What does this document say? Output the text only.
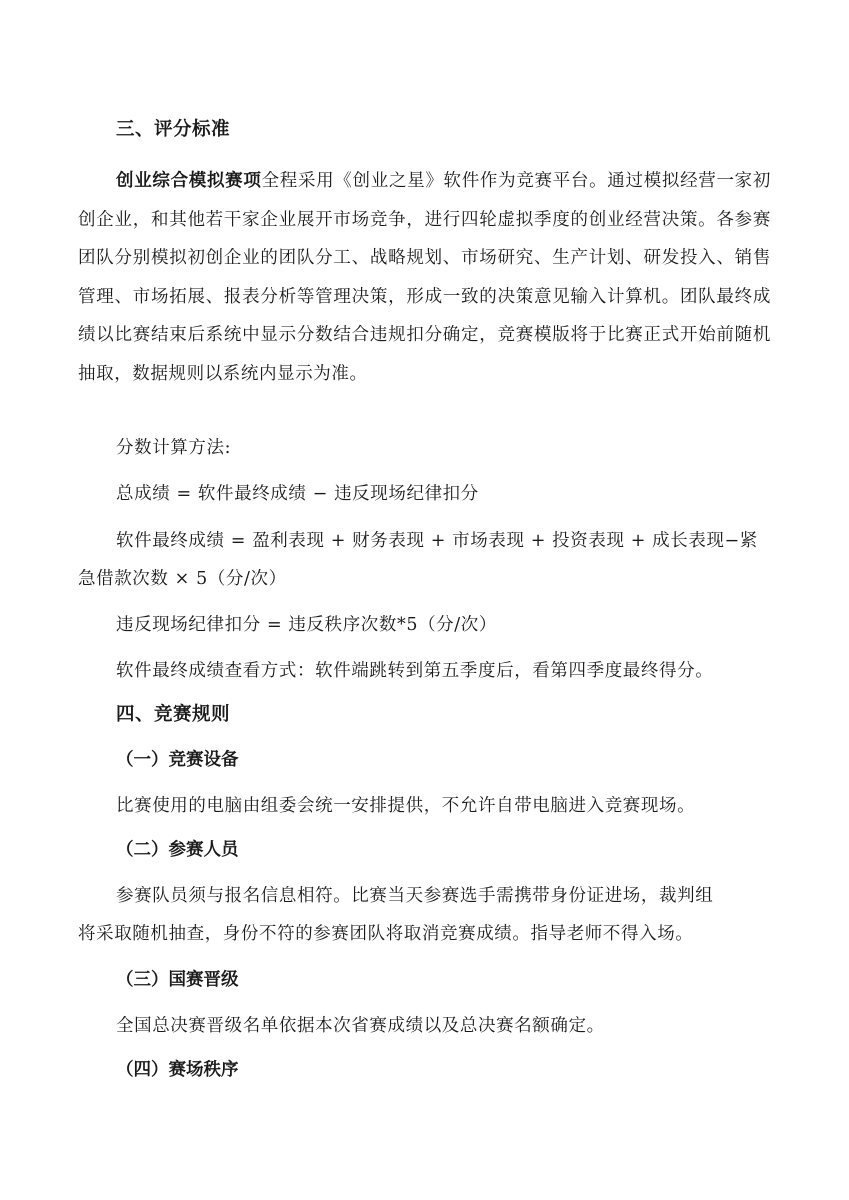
三、评分标准

创业综合模拟赛项全程采用《创业之星》软件作为竞赛平台。通过模拟经营一家初创企业，和其他若干家企业展开市场竞争，进行四轮虚拟季度的创业经营决策。各参赛团队分别模拟初创企业的团队分工、战略规划、市场研究、生产计划、研发投入、销售管理、市场拓展、报表分析等管理决策，形成一致的决策意见输入计算机。团队最终成绩以比赛结束后系统中显示分数结合违规扣分确定，竞赛模版将于比赛正式开始前随机抽取，数据规则以系统内显示为准。

分数计算方法:
总成绩 = 软件最终成绩 − 违反现场纪律扣分
软件最终成绩 = 盈利表现 + 财务表现 + 市场表现 + 投资表现 + 成长表现−紧
急借款次数 × 5（分/次）
违反现场纪律扣分 = 违反秩序次数*5（分/次）
软件最终成绩查看方式：软件端跳转到第五季度后，看第四季度最终得分。
四、竞赛规则
（一）竞赛设备
比赛使用的电脑由组委会统一安排提供，不允许自带电脑进入竞赛现场。
（二）参赛人员
参赛队员须与报名信息相符。比赛当天参赛选手需携带身份证进场，裁判组
将采取随机抽查，身份不符的参赛团队将取消竞赛成绩。指导老师不得入场。
（三）国赛晋级
全国总决赛晋级名单依据本次省赛成绩以及总决赛名额确定。
（四）赛场秩序
